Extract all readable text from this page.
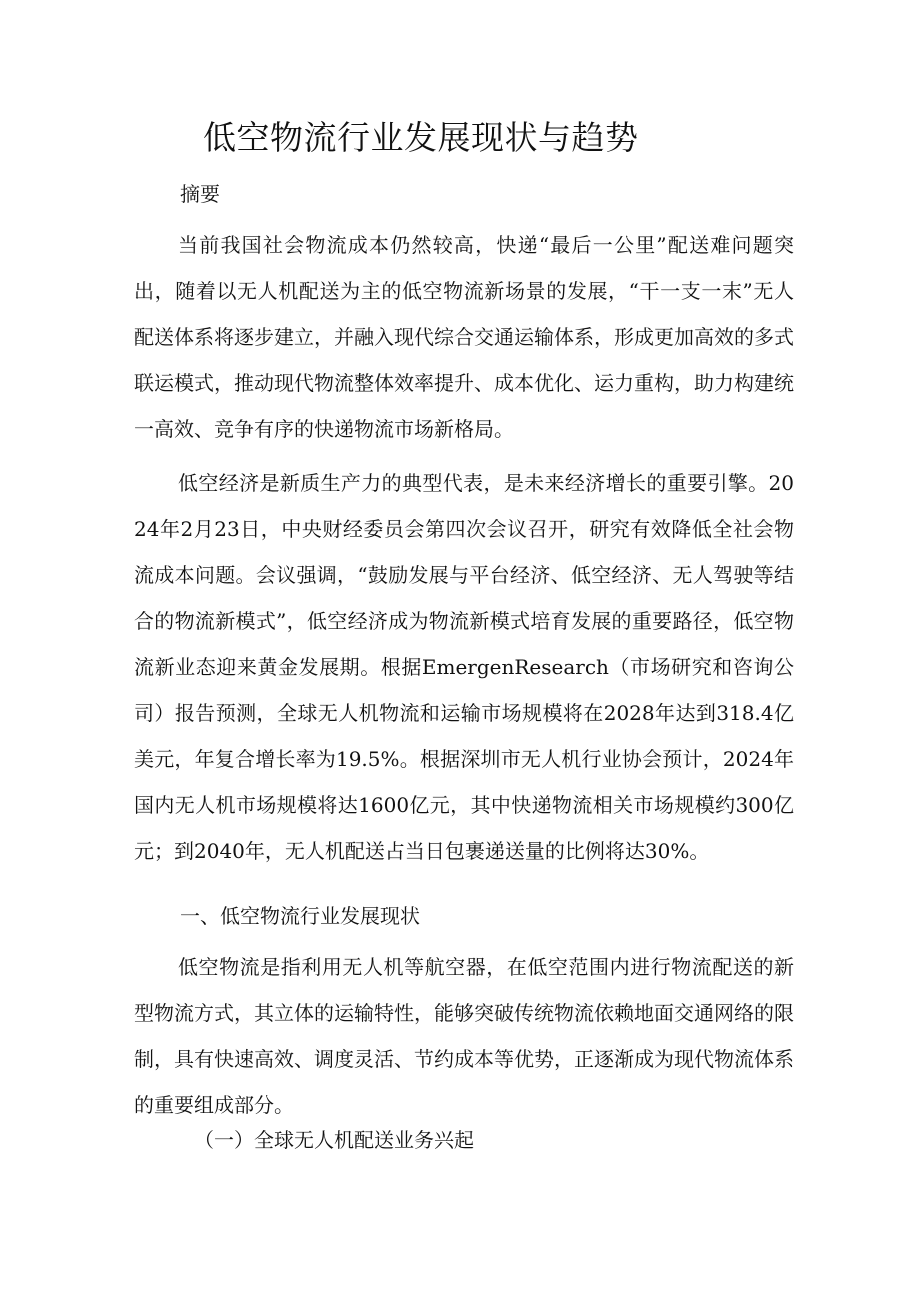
低空物流行业发展现状与趋势
摘要

当前我国社会物流成本仍然较高，快递“最后一公里”配送难问题突出，随着以无人机配送为主的低空物流新场景的发展，“干一支一末”无人配送体系将逐步建立，并融入现代综合交通运输体系，形成更加高效的多式联运模式，推动现代物流整体效率提升、成本优化、运力重构，助力构建统一高效、竞争有序的快递物流市场新格局。

低空经济是新质生产力的典型代表，是未来经济增长的重要引擎。2024年2月23日，中央财经委员会第四次会议召开，研究有效降低全社会物流成本问题。会议强调，“鼓励发展与平台经济、低空经济、无人驾驶等结合的物流新模式”，低空经济成为物流新模式培育发展的重要路径，低空物流新业态迎来黄金发展期。根据EmergenResearch（市场研究和咨询公司）报告预测，全球无人机物流和运输市场规模将在2028年达到318.4亿美元，年复合增长率为19.5%。根据深圳市无人机行业协会预计，2024年国内无人机市场规模将达1600亿元，其中快递物流相关市场规模约300亿元；到2040年，无人机配送占当日包裹递送量的比例将达30%。

一、低空物流行业发展现状

低空物流是指利用无人机等航空器，在低空范围内进行物流配送的新型物流方式，其立体的运输特性，能够突破传统物流依赖地面交通网络的限制，具有快速高效、调度灵活、节约成本等优势，正逐渐成为现代物流体系的重要组成部分。

（一）全球无人机配送业务兴起
